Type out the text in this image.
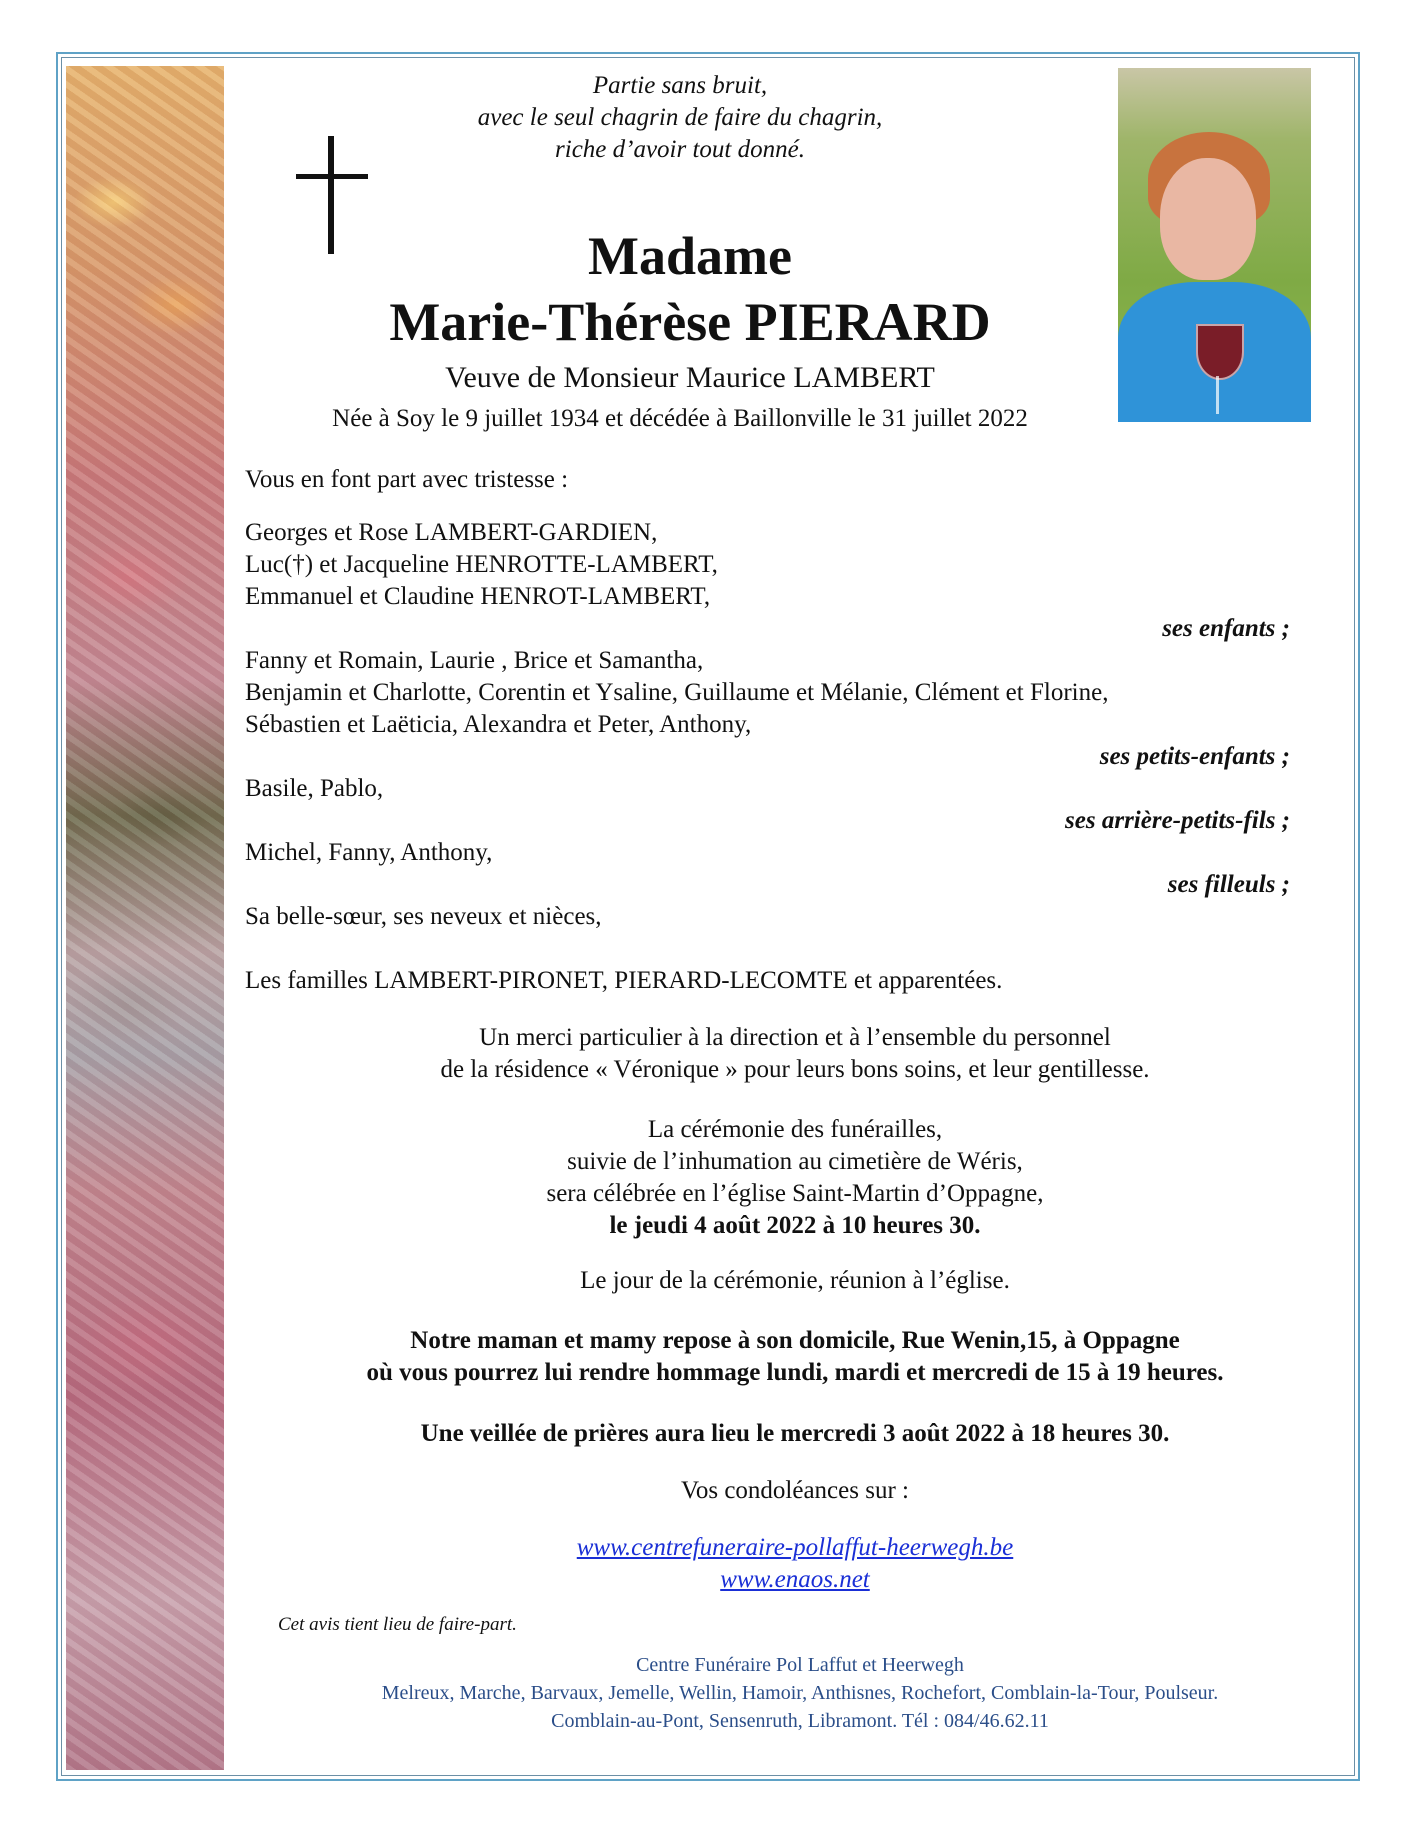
Partie sans bruit,
avec le seul chagrin de faire du chagrin,
riche d’avoir tout donné.
Madame
Marie-Thérèse PIERARD
Veuve de Monsieur Maurice LAMBERT
Née à Soy le 9 juillet 1934 et décédée à Baillonville le 31 juillet 2022
Vous en font part avec tristesse :
Georges et Rose LAMBERT-GARDIEN,
Luc(†) et Jacqueline HENROTTE-LAMBERT,
Emmanuel et Claudine HENROT-LAMBERT,
ses enfants ;
Fanny et Romain, Laurie , Brice et Samantha,
Benjamin et Charlotte, Corentin et Ysaline, Guillaume et Mélanie, Clément et Florine,
Sébastien et Laëticia, Alexandra et Peter, Anthony,
ses petits-enfants ;
Basile, Pablo,
ses arrière-petits-fils ;
Michel, Fanny, Anthony,
ses filleuls ;
Sa belle-sœur, ses neveux et nièces,
Les familles LAMBERT-PIRONET, PIERARD-LECOMTE et apparentées.
Un merci particulier à la direction et à l’ensemble du personnel
de la résidence « Véronique » pour leurs bons soins, et leur gentillesse.
La cérémonie des funérailles,
suivie de l’inhumation au cimetière de Wéris,
sera célébrée en l’église Saint-Martin d’Oppagne,
le jeudi 4 août 2022 à 10 heures 30.
Le jour de la cérémonie, réunion à l’église.
Notre maman et mamy repose à son domicile, Rue Wenin,15, à Oppagne
où vous pourrez lui rendre hommage lundi, mardi et mercredi de 15 à 19 heures.
Une veillée de prières aura lieu le mercredi 3 août 2022 à 18 heures 30.
Vos condoléances sur :
www.centrefuneraire-pollaffut-heerwegh.be
www.enaos.net
Cet avis tient lieu de faire-part.
Centre Funéraire Pol Laffut et Heerwegh
Melreux, Marche, Barvaux, Jemelle, Wellin, Hamoir, Anthisnes, Rochefort, Comblain-la-Tour, Poulseur.
Comblain-au-Pont, Sensenruth, Libramont. Tél : 084/46.62.11
